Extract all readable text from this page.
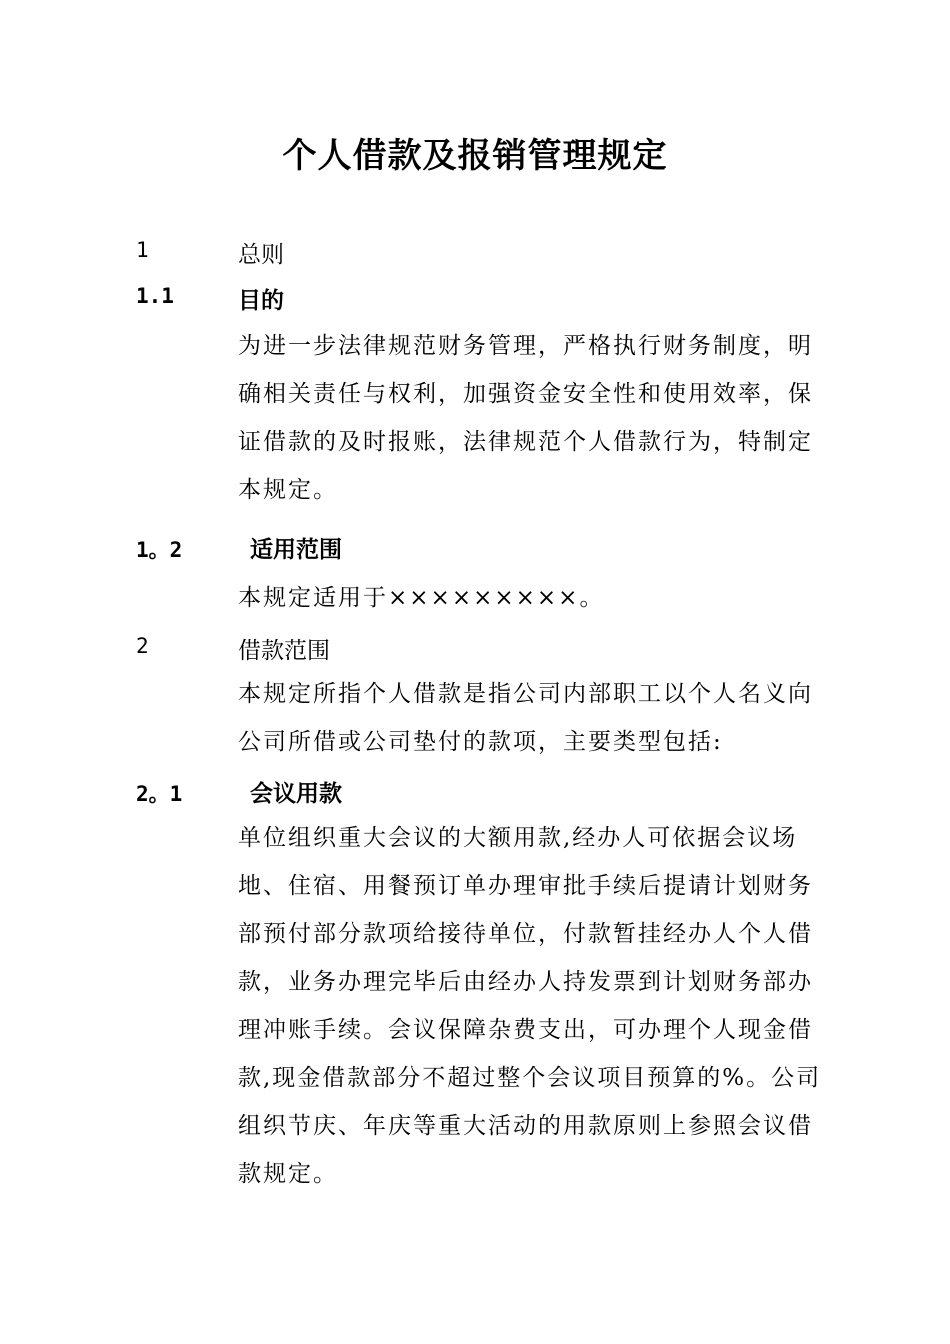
个人借款及报销管理规定
1	总则
1.1	目的
为进一步法律规范财务管理，严格执行财务制度，明
确相关责任与权利，加强资金安全性和使用效率，保
证借款的及时报账，法律规范个人借款行为，特制定
本规定。
1。2	适用范围
本规定适用于×××××××××。
2	借款范围
本规定所指个人借款是指公司内部职工以个人名义向
公司所借或公司垫付的款项，主要类型包括:
2。1	会议用款
单位组织重大会议的大额用款,经办人可依据会议场
地、住宿、用餐预订单办理审批手续后提请计划财务
部预付部分款项给接待单位，付款暂挂经办人个人借
款，业务办理完毕后由经办人持发票到计划财务部办
理冲账手续。会议保障杂费支出，可办理个人现金借
款,现金借款部分不超过整个会议项目预算的%。公司
组织节庆、年庆等重大活动的用款原则上参照会议借
款规定。
